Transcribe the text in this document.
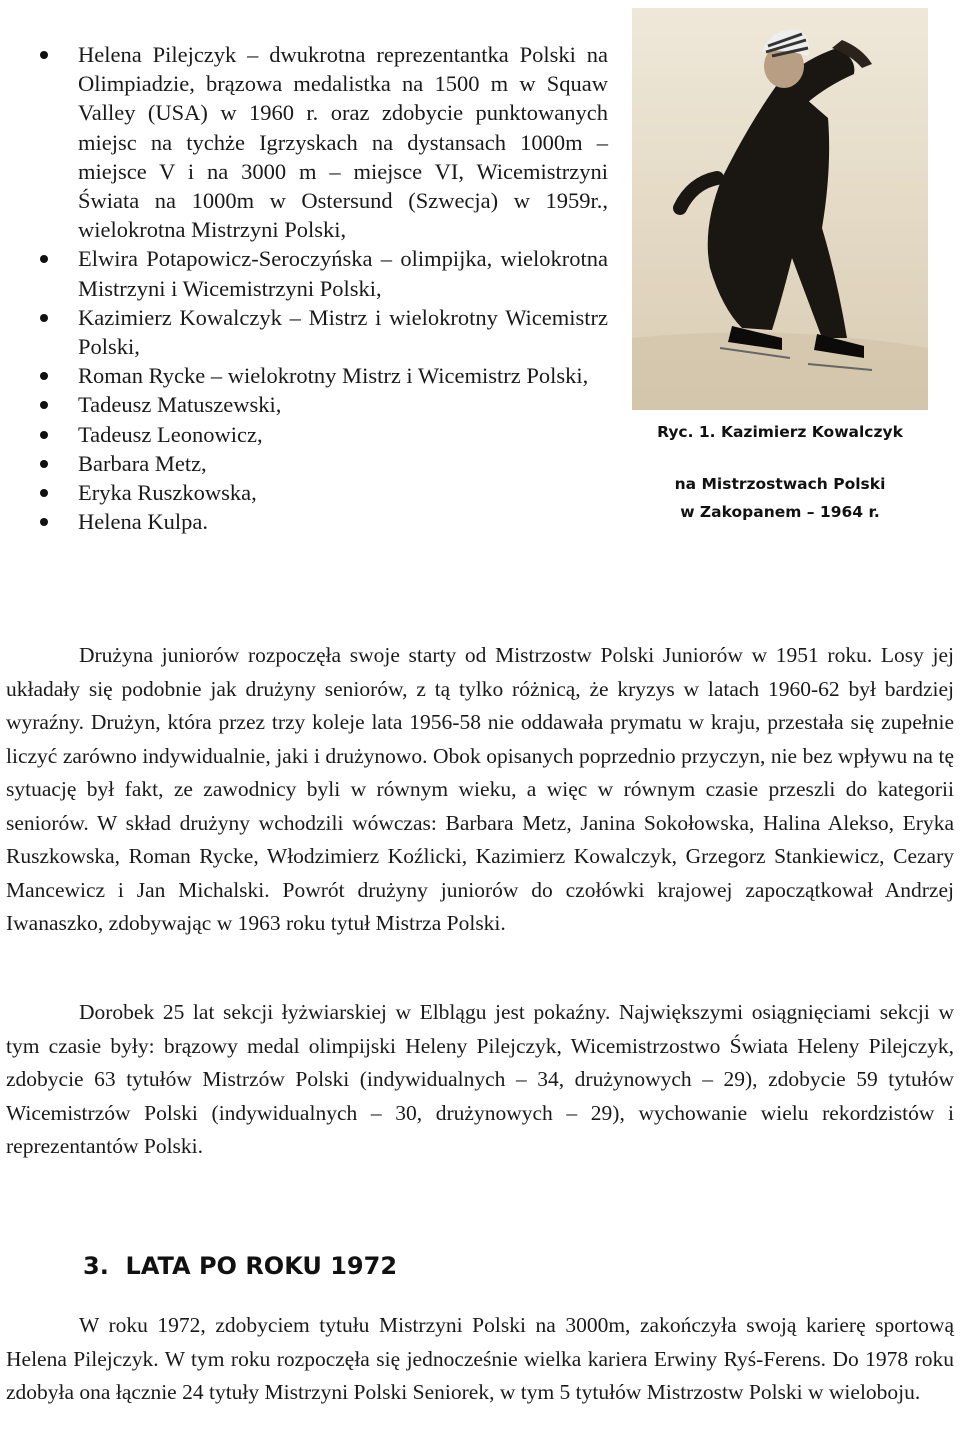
Helena Pilejczyk – dwukrotna reprezentantka Polski na Olimpiadzie, brązowa medalistka na 1500 m w Squaw Valley (USA) w 1960 r. oraz zdobycie punktowanych miejsc na tychże Igrzyskach na dystansach 1000m – miejsce V i na 3000 m – miejsce VI, Wicemistrzyni Świata na 1000m w Ostersund (Szwecja) w 1959r., wielokrotna Mistrzyni Polski,
Elwira Potapowicz-Seroczyńska – olimpijka, wielokrotna Mistrzyni i Wicemistrzyni Polski,
Kazimierz Kowalczyk – Mistrz i wielokrotny Wicemistrz Polski,
Roman Rycke – wielokrotny Mistrz i Wicemistrz Polski,
Tadeusz Matuszewski,
Tadeusz Leonowicz,
Barbara Metz,
Eryka Ruszkowska,
Helena Kulpa.
Ryc. 1. Kazimierz Kowalczyk
na Mistrzostwach Polski
w Zakopanem – 1964 r.

Drużyna juniorów rozpoczęła swoje starty od Mistrzostw Polski Juniorów w 1951 roku. Losy jej układały się podobnie jak drużyny seniorów, z tą tylko różnicą, że kryzys w latach 1960-62 był bardziej wyraźny. Drużyn, która przez trzy koleje lata 1956-58 nie oddawała prymatu w kraju, przestała się zupełnie liczyć zarówno indywidualnie, jaki i drużynowo. Obok opisanych poprzednio przyczyn, nie bez wpływu na tę sytuację był fakt, ze zawodnicy byli w równym wieku, a więc w równym czasie przeszli do kategorii seniorów. W skład drużyny wchodzili wówczas: Barbara Metz, Janina Sokołowska, Halina Alekso, Eryka Ruszkowska, Roman Rycke, Włodzimierz Koźlicki, Kazimierz Kowalczyk, Grzegorz Stankiewicz, Cezary Mancewicz i Jan Michalski. Powrót drużyny juniorów do czołówki krajowej zapoczątkował Andrzej Iwanaszko, zdobywając w 1963 roku tytuł Mistrza Polski.

Dorobek 25 lat sekcji łyżwiarskiej w Elblągu jest pokaźny. Największymi osiągnięciami sekcji w tym czasie były: brązowy medal olimpijski Heleny Pilejczyk, Wicemistrzostwo Świata Heleny Pilejczyk, zdobycie 63 tytułów Mistrzów Polski (indywidualnych – 34, drużynowych – 29), zdobycie 59 tytułów Wicemistrzów Polski (indywidualnych – 30, drużynowych – 29), wychowanie wielu rekordzistów i reprezentantów Polski.

3.  LATA PO ROKU 1972

W roku 1972, zdobyciem tytułu Mistrzyni Polski na 3000m, zakończyła swoją karierę sportową Helena Pilejczyk. W tym roku rozpoczęła się jednocześnie wielka kariera Erwiny Ryś-Ferens. Do 1978 roku zdobyła ona łącznie 24 tytuły Mistrzyni Polski Seniorek, w tym 5 tytułów Mistrzostw Polski w wieloboju.
